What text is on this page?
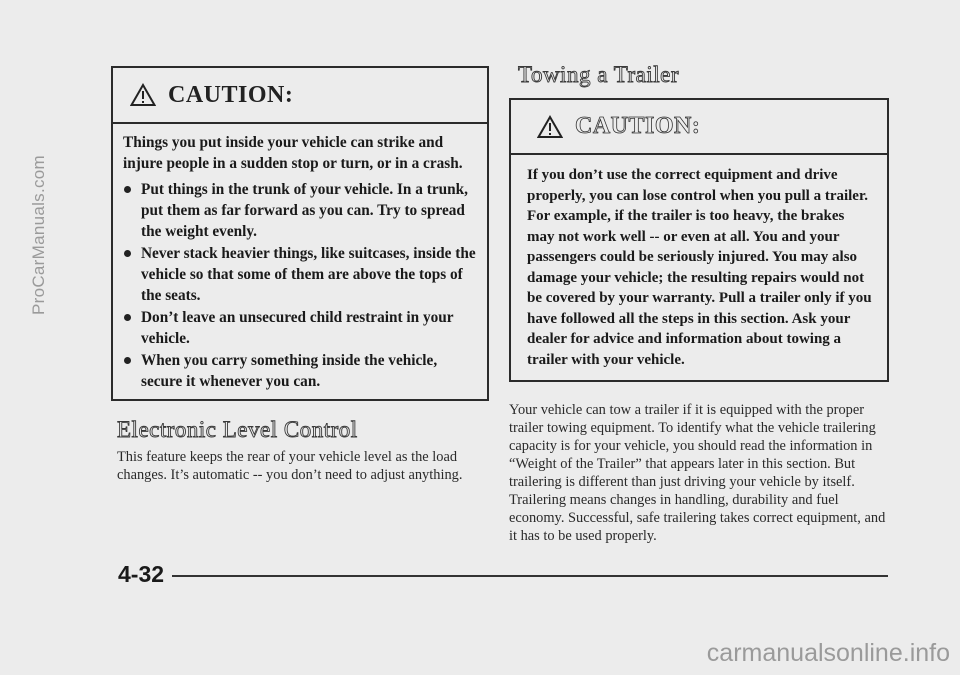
ProCarManuals.com
CAUTION:

Things you put inside your vehicle can strike and injure people in a sudden stop or turn, or in a crash.

Put things in the trunk of your vehicle. In a trunk, put them as far forward as you can. Try to spread the weight evenly.
Never stack heavier things, like suitcases, inside the vehicle so that some of them are above the tops of the seats.
Don’t leave an unsecured child restraint in your vehicle.
When you carry something inside the vehicle, secure it whenever you can.
Electronic Level Control

This feature keeps the rear of your vehicle level as the load changes. It’s automatic -- you don’t need to adjust anything.

Towing a Trailer
CAUTION:

If you don’t use the correct equipment and drive properly, you can lose control when you pull a trailer. For example, if the trailer is too heavy, the brakes may not work well -- or even at all. You and your passengers could be seriously injured. You may also damage your vehicle; the resulting repairs would not be covered by your warranty. Pull a trailer only if you have followed all the steps in this section. Ask your dealer for advice and information about towing a trailer with your vehicle.

Your vehicle can tow a trailer if it is equipped with the proper trailer towing equipment. To identify what the vehicle trailering capacity is for your vehicle, you should read the information in “Weight of the Trailer” that appears later in this section. But trailering is different than just driving your vehicle by itself. Trailering means changes in handling, durability and fuel economy. Successful, safe trailering takes correct equipment, and it has to be used properly.

4-32
carmanualsonline.info
